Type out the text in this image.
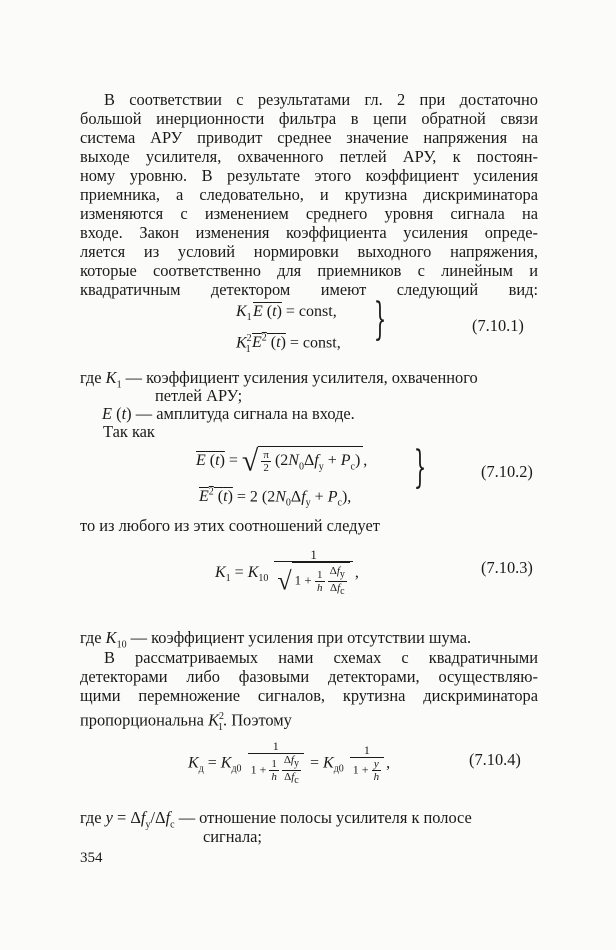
В соответствии с результатами гл. 2 при достаточно
большой инерционности фильтра в цепи обратной связи
система АРУ приводит среднее значение напряжения на
выходе усилителя, охваченного петлей АРУ, к постоян-
ному уровню. В результате этого коэффициент усиления
приемника, а следовательно, и крутизна дискриминатора
изменяются с изменением среднего уровня сигнала на
входе. Закон изменения коэффициента усиления опреде-
ляется из условий нормировки выходного напряжения,
которые соответственно для приемников с линейным и
квадратичным детектором имеют следующий вид:
$K_1$ E (t) = const,
$K^2_1$ $E^2$ (t) = const, }	(7.10.1)
где $K_1$ — коэффициент усиления усилителя, охваченного
петлей АРУ;
E (t) — амплитуда сигнала на входе.
Так как
E (t) = √ $\frac{\pi}{2} (2N_0\Delta f_y + P_c)$ ,
$E^2$ (t) = 2 $(2N_0\Delta f_y + P_c)$,
}	(7.10.2)
то из любого из этих соотношений следует
$K_1 = K_{10}$ 1
√ $1 + \frac{1}{h}$
$\frac{\Delta f_y}{\Delta f_c}$ ,	(7.10.3)
где $K_{10}$ — коэффициент усиления при отсутствии шума.
В рассматриваемых нами схемах с квадратичными
детекторами либо фазовыми детекторами, осуществляю-
щими перемножение сигналов, крутизна дискриминатора
пропорциональна $K^2_1$. Поэтому
$K_д = K_{д0}$ 1
$1 + \frac{1}{h}$
$\frac{\Delta f_y}{\Delta f_c} = K_{д0} \frac{1}{1 + \frac{y}{h}}$ ,	(7.10.4)
где $y = \Delta f_y/\Delta f_c$ — отношение полосы усилителя к полосе
сигнала;
354
